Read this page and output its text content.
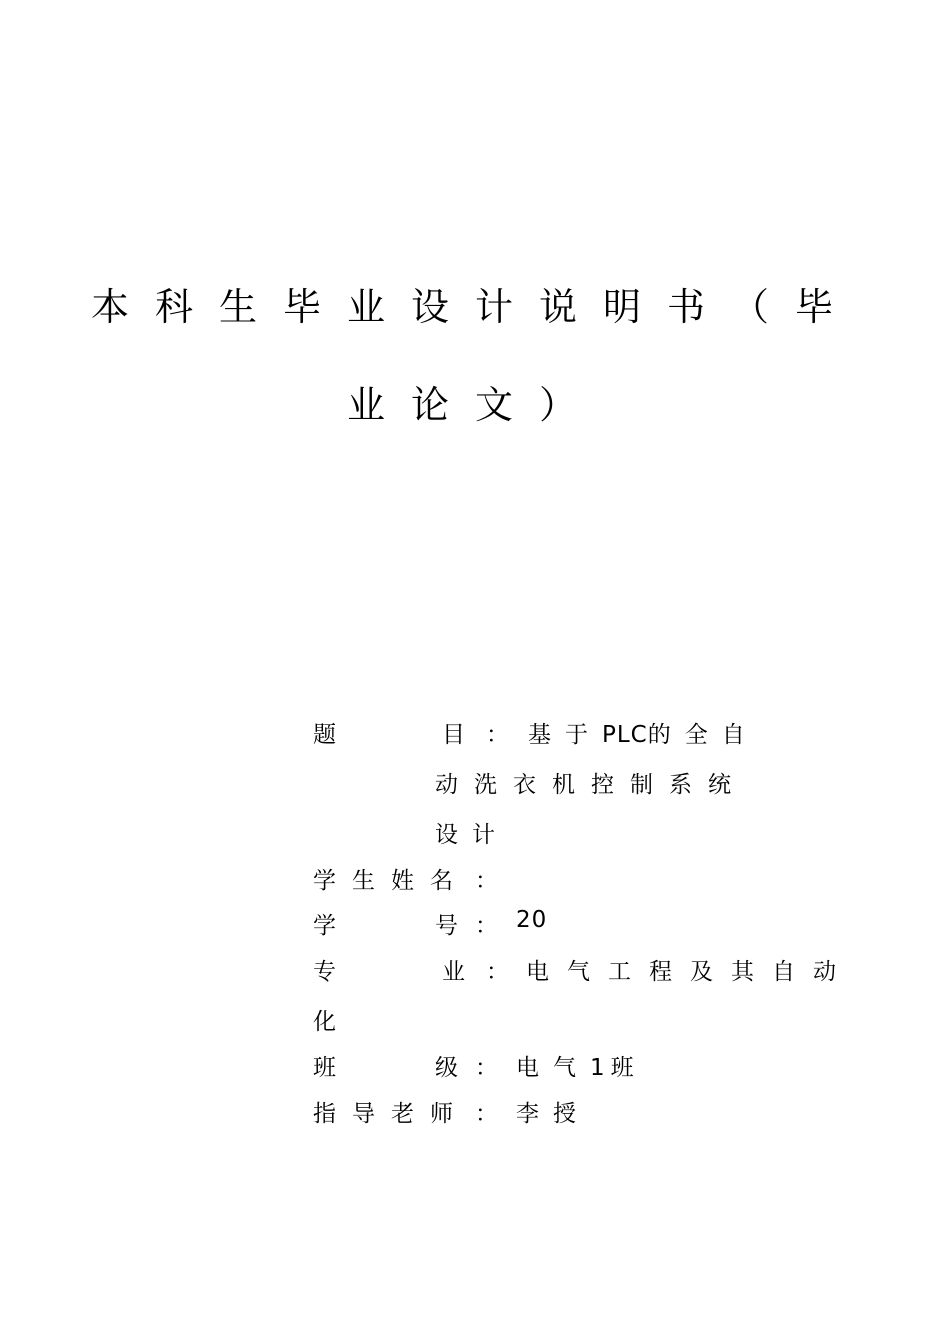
本科生毕业设计说明书（毕
业论文）
题	目 ： 基于PLC的全自
动洗衣机控制系统
设计
学生姓名 ：
学	号 ： 20
专	业 ： 电气工程及其自动
化
班	级 ： 电气1班
指导老师 ： 李授
